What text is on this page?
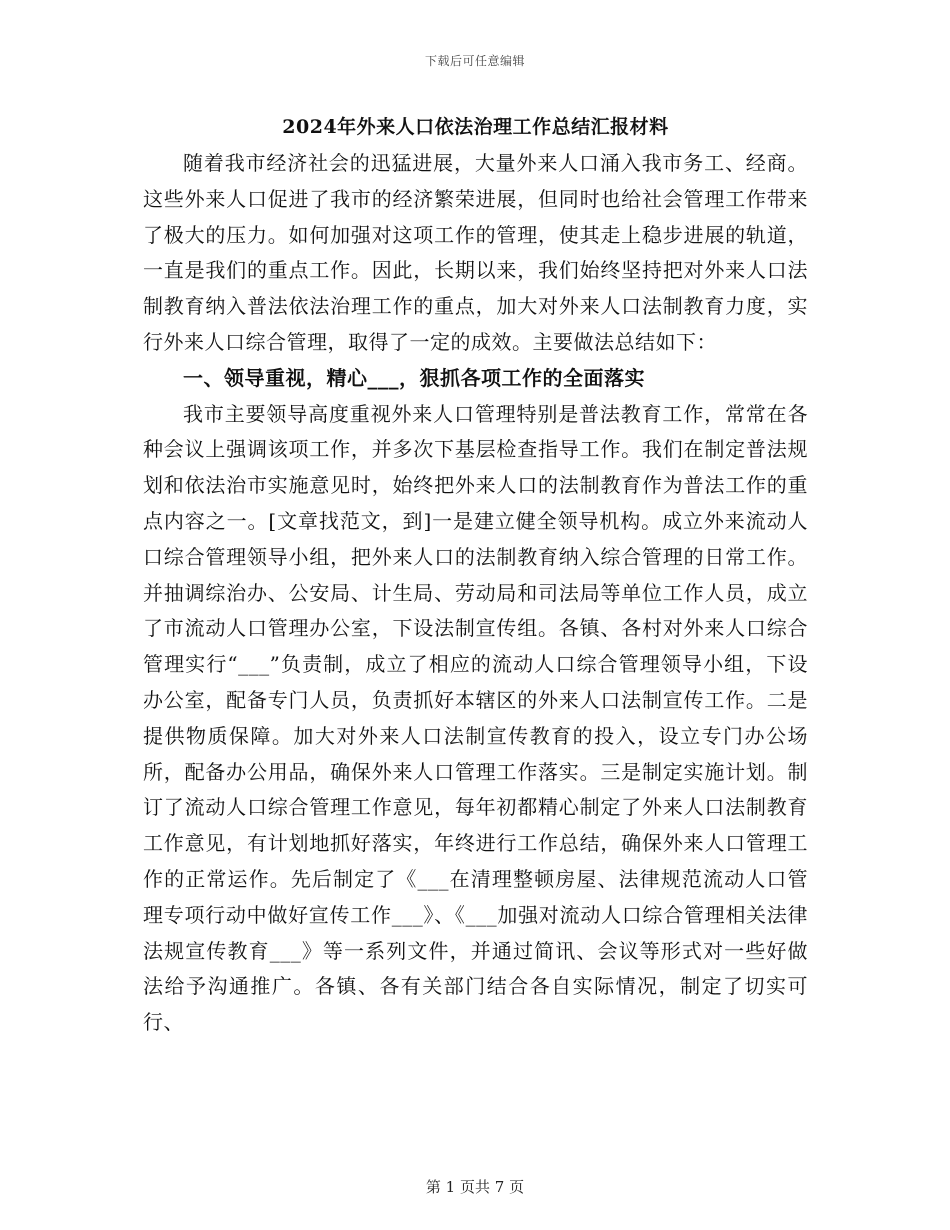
下载后可任意编辑
2024年外来人口依法治理工作总结汇报材料

随着我市经济社会的迅猛进展，大量外来人口涌入我市务工、经商。这些外来人口促进了我市的经济繁荣进展，但同时也给社会管理工作带来了极大的压力。如何加强对这项工作的管理，使其走上稳步进展的轨道，一直是我们的重点工作。因此，长期以来，我们始终坚持把对外来人口法制教育纳入普法依法治理工作的重点，加大对外来人口法制教育力度，实行外来人口综合管理，取得了一定的成效。主要做法总结如下：

一、领导重视，精心___，狠抓各项工作的全面落实

我市主要领导高度重视外来人口管理特别是普法教育工作，常常在各种会议上强调该项工作，并多次下基层检查指导工作。我们在制定普法规划和依法治市实施意见时，始终把外来人口的法制教育作为普法工作的重点内容之一。[文章找范文，到]一是建立健全领导机构。成立外来流动人口综合管理领导小组，把外来人口的法制教育纳入综合管理的日常工作。并抽调综治办、公安局、计生局、劳动局和司法局等单位工作人员，成立了市流动人口管理办公室，下设法制宣传组。各镇、各村对外来人口综合管理实行“___”负责制，成立了相应的流动人口综合管理领导小组，下设办公室，配备专门人员，负责抓好本辖区的外来人口法制宣传工作。二是提供物质保障。加大对外来人口法制宣传教育的投入，设立专门办公场所，配备办公用品，确保外来人口管理工作落实。三是制定实施计划。制订了流动人口综合管理工作意见，每年初都精心制定了外来人口法制教育工作意见，有计划地抓好落实，年终进行工作总结，确保外来人口管理工作的正常运作。先后制定了《___在清理整顿房屋、法律规范流动人口管理专项行动中做好宣传工作___》、《___加强对流动人口综合管理相关法律法规宣传教育___》等一系列文件，并通过简讯、会议等形式对一些好做法给予沟通推广。各镇、各有关部门结合各自实际情况，制定了切实可行、

第 1 页共 7 页
